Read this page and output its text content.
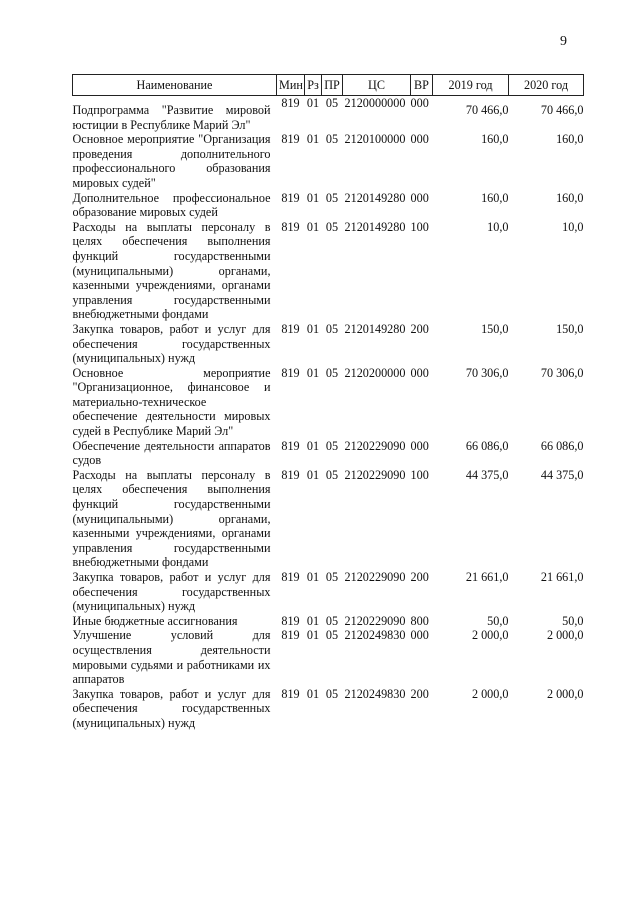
9
Наименование	Мин	Рз	ПР	ЦС	ВР	2019 год	2020 год
Подпрограмма "Развитие мировой юстиции в Республике Марий Эл"	819	01	05	2120000000	000	70 466,0	70 466,0
Основное мероприятие "Организация проведения дополнительного профессионального образования мировых судей"	819	01	05	2120100000	000	160,0	160,0
Дополнительное профессиональное образование мировых судей	819	01	05	2120149280	000	160,0	160,0
Расходы на выплаты персоналу в целях обеспечения выполнения функций государственными (муниципальными) органами, казенными учреждениями, органами управления государственными внебюджетными фондами	819	01	05	2120149280	100	10,0	10,0
Закупка товаров, работ и услуг для обеспечения государственных (муниципальных) нужд	819	01	05	2120149280	200	150,0	150,0
Основное мероприятие "Организационное, финансовое и материально-техническое обеспечение деятельности мировых судей в Республике Марий Эл"	819	01	05	2120200000	000	70 306,0	70 306,0
Обеспечение деятельности аппаратов судов	819	01	05	2120229090	000	66 086,0	66 086,0
Расходы на выплаты персоналу в целях обеспечения выполнения функций государственными (муниципальными) органами, казенными учреждениями, органами управления государственными внебюджетными фондами	819	01	05	2120229090	100	44 375,0	44 375,0
Закупка товаров, работ и услуг для обеспечения государственных (муниципальных) нужд	819	01	05	2120229090	200	21 661,0	21 661,0
Иные бюджетные ассигнования	819	01	05	2120229090	800	50,0	50,0
Улучшение условий для осуществления деятельности мировыми судьями и работниками их аппаратов	819	01	05	2120249830	000	2 000,0	2 000,0
Закупка товаров, работ и услуг для обеспечения государственных (муниципальных) нужд	819	01	05	2120249830	200	2 000,0	2 000,0
